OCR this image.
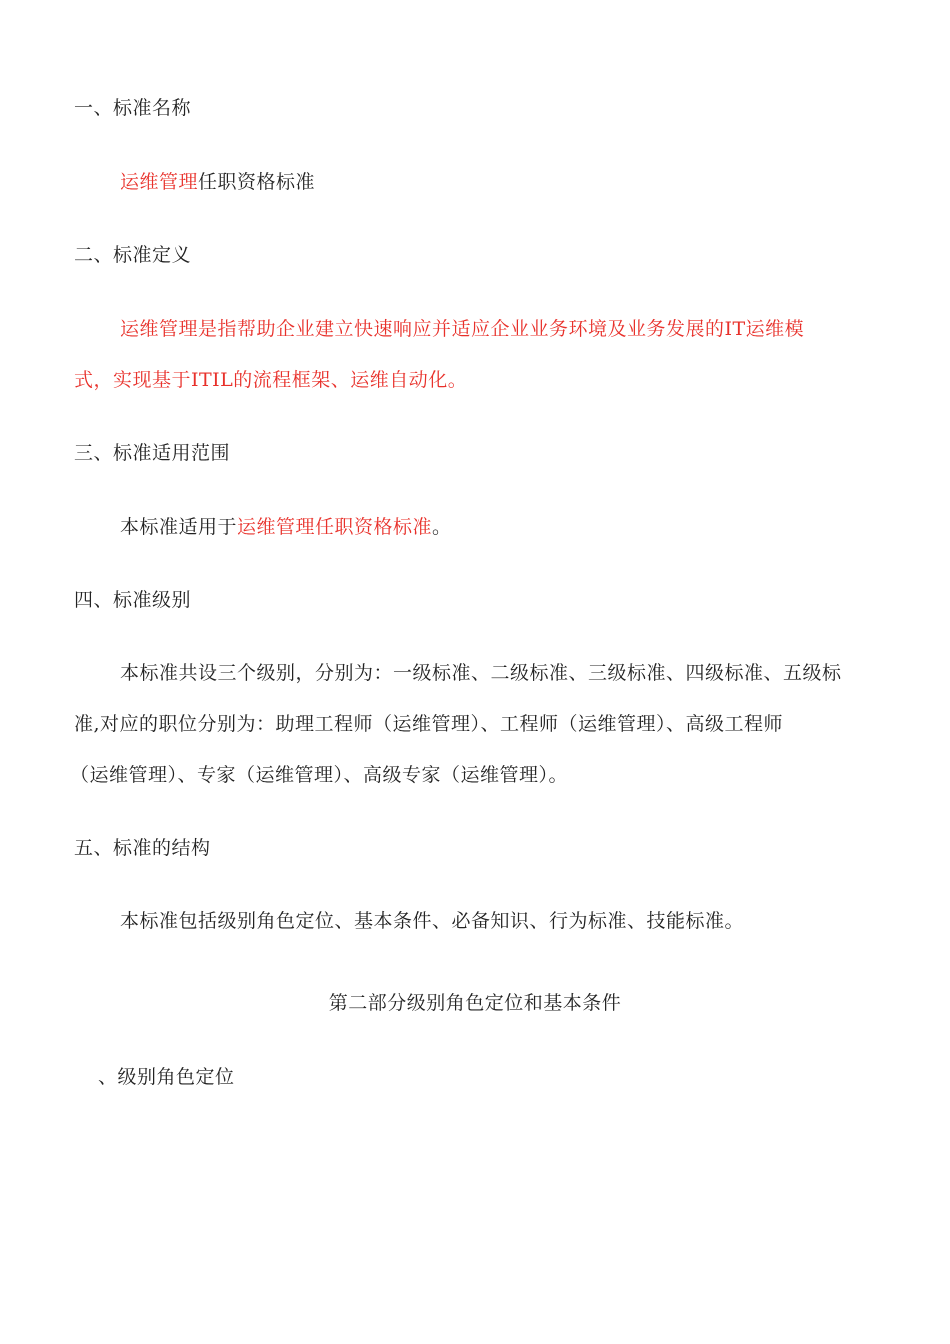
一、标准名称
运维管理任职资格标准
二、标准定义
运维管理是指帮助企业建立快速响应并适应企业业务环境及业务发展的IT运维模
式，实现基于ITIL的流程框架、运维自动化。
三、标准适用范围
本标准适用于运维管理任职资格标准。
四、标准级别
本标准共设三个级别，分别为：一级标准、二级标准、三级标准、四级标准、五级标
准,对应的职位分别为：助理工程师（运维管理）、工程师（运维管理）、高级工程师
（运维管理）、专家（运维管理）、高级专家（运维管理）。
五、标准的结构
本标准包括级别角色定位、基本条件、必备知识、行为标准、技能标准。
第二部分级别角色定位和基本条件
、级别角色定位
